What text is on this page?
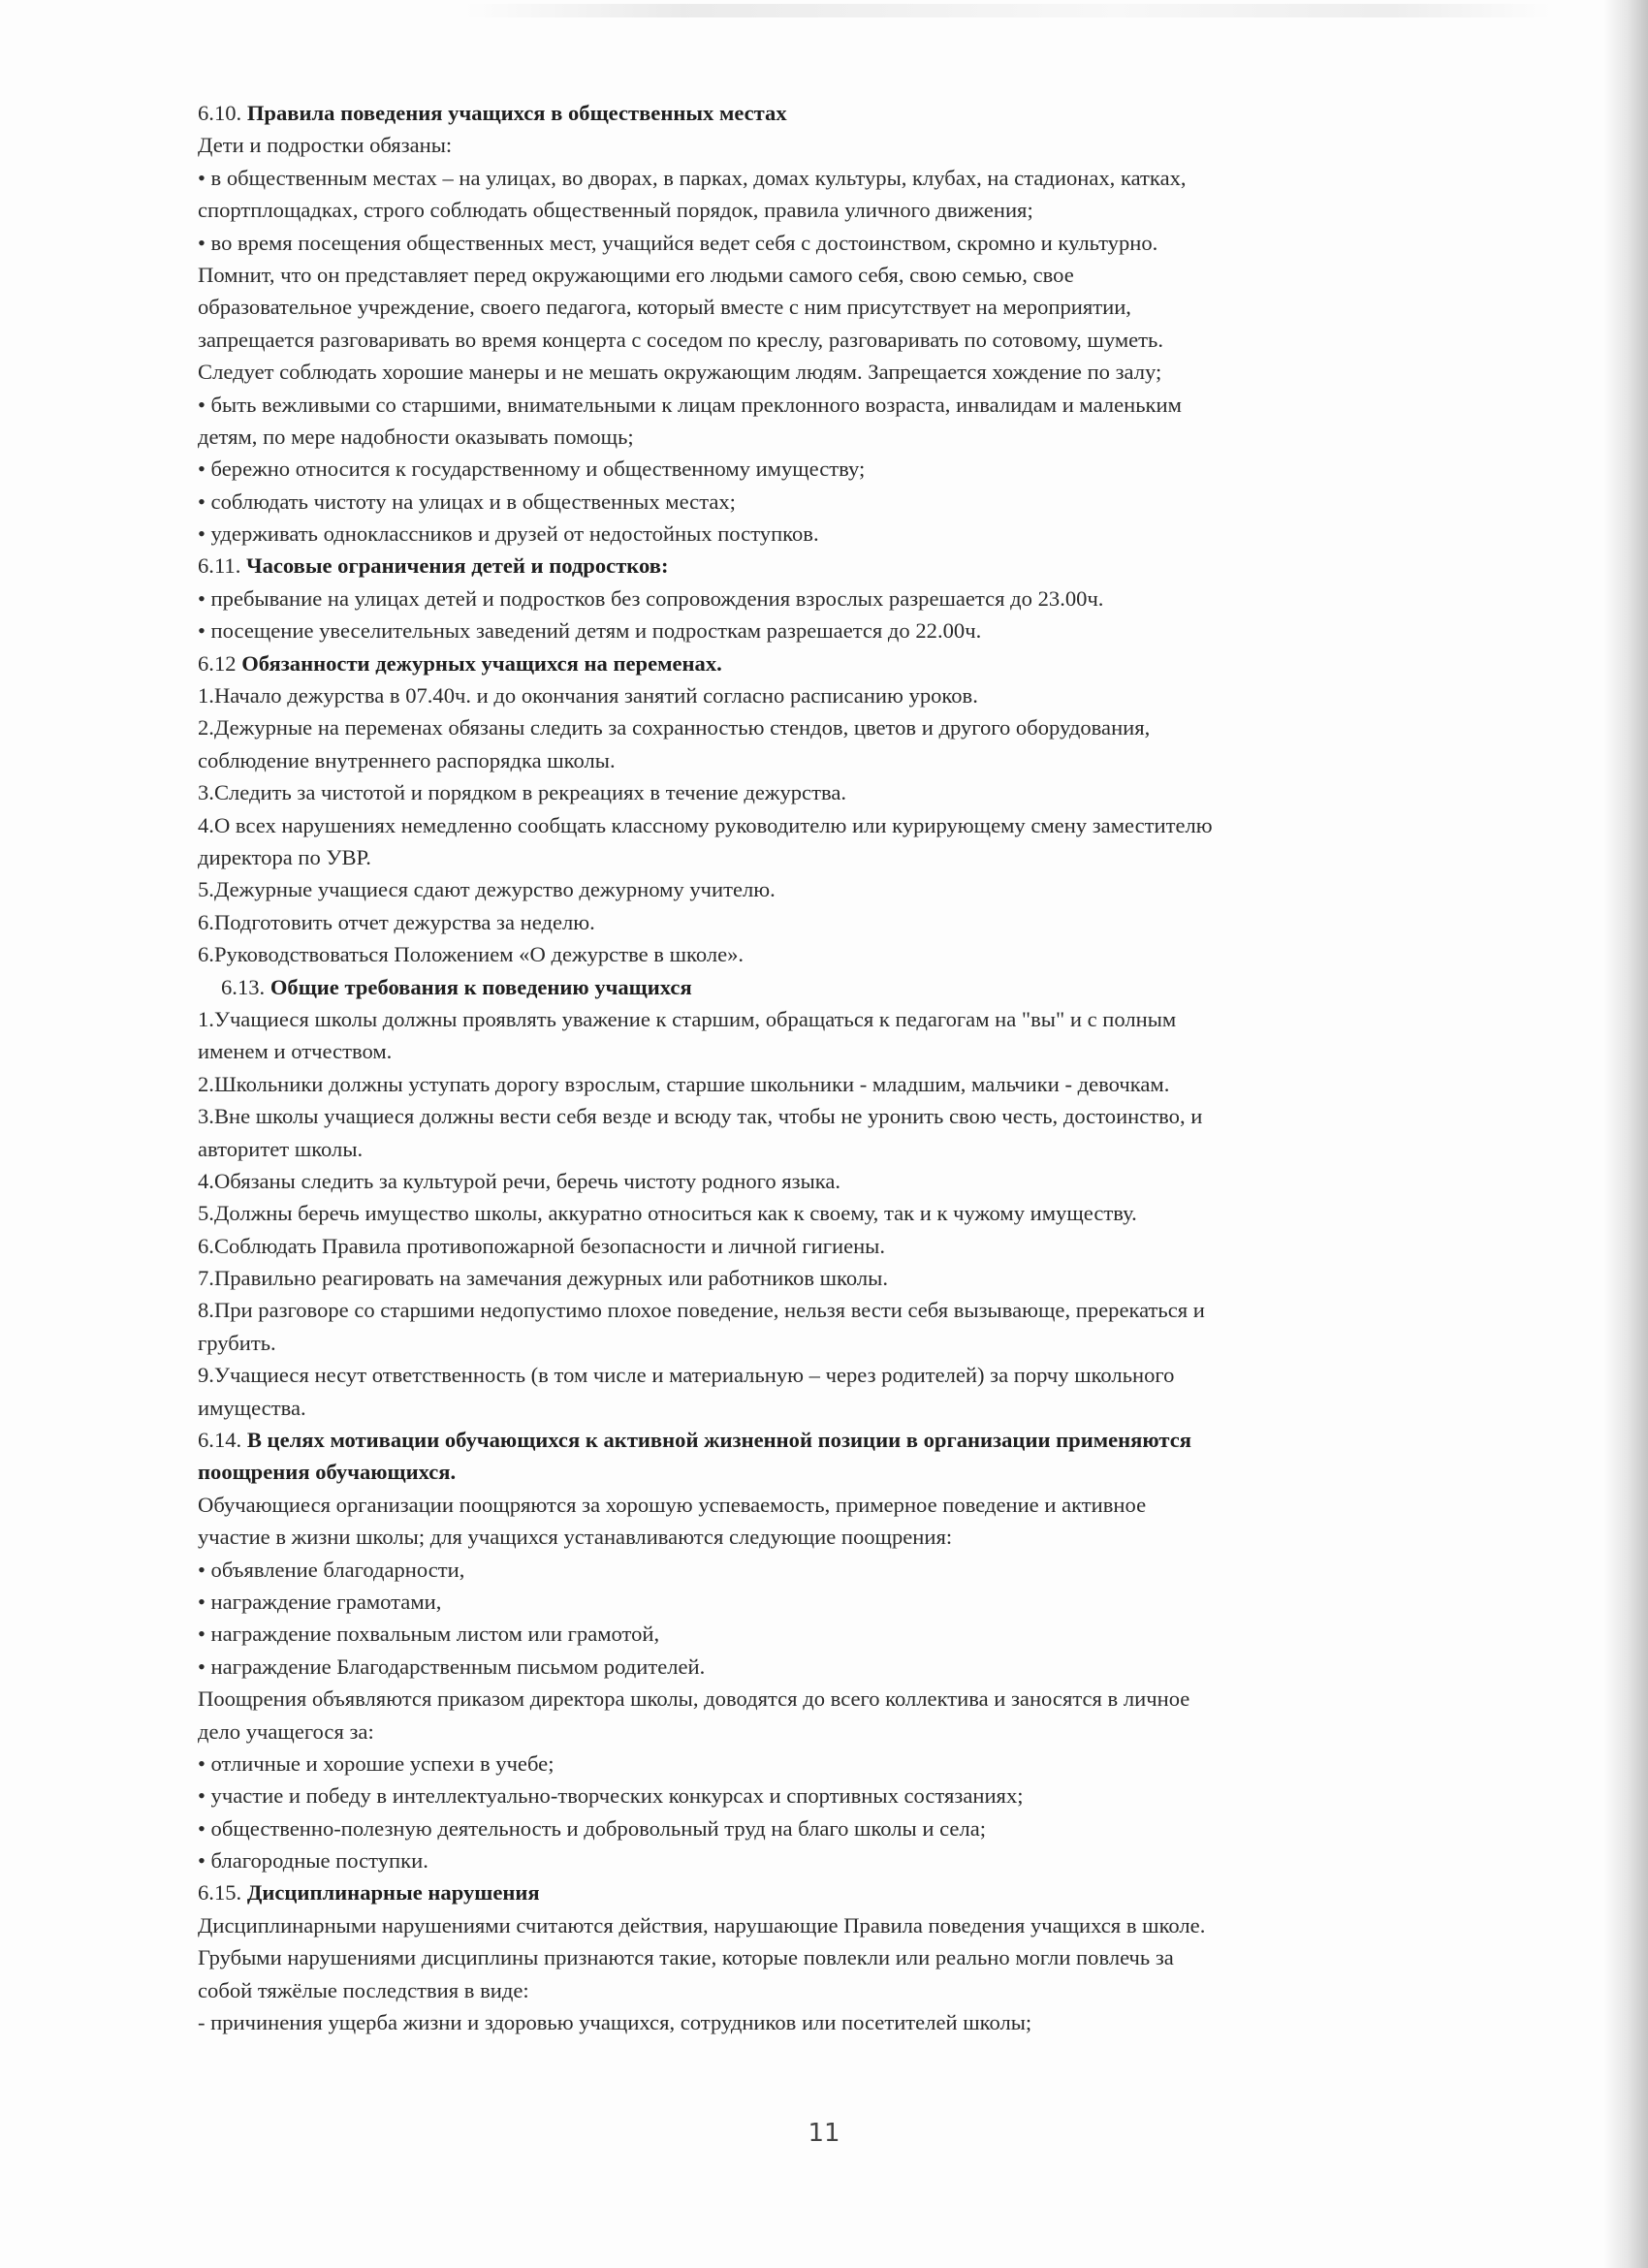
6.10. Правила поведения учащихся в общественных местах
Дети и подростки обязаны:
• в общественным местах – на улицах, во дворах, в парках, домах культуры, клубах, на стадионах, катках,
спортплощадках, строго соблюдать общественный порядок, правила уличного движения;
• во время посещения общественных мест, учащийся ведет себя с достоинством, скромно и культурно.
Помнит, что он представляет перед окружающими его людьми самого себя, свою семью, свое
образовательное учреждение, своего педагога, который вместе с ним присутствует на мероприятии,
запрещается разговаривать во время концерта с соседом по креслу, разговаривать по сотовому, шуметь.
Следует соблюдать хорошие манеры и не мешать окружающим людям. Запрещается хождение по залу;
• быть вежливыми со старшими, внимательными к лицам преклонного возраста, инвалидам и маленьким
детям, по мере надобности оказывать помощь;
• бережно относится к государственному и общественному имуществу;
• соблюдать чистоту на улицах и в общественных местах;
• удерживать одноклассников и друзей от недостойных поступков.
6.11. Часовые ограничения детей и подростков:
• пребывание на улицах детей и подростков без сопровождения взрослых разрешается до 23.00ч.
• посещение увеселительных заведений детям и подросткам разрешается до 22.00ч.
6.12 Обязанности дежурных учащихся на переменах.
1.Начало дежурства в 07.40ч. и до окончания занятий согласно расписанию уроков.
2.Дежурные на переменах обязаны следить за сохранностью стендов, цветов и другого оборудования,
соблюдение внутреннего распорядка школы.
3.Следить за чистотой и порядком в рекреациях в течение дежурства.
4.О всех нарушениях немедленно сообщать классному руководителю или курирующему смену заместителю
директора по УВР.
5.Дежурные учащиеся сдают дежурство дежурному учителю.
6.Подготовить отчет дежурства за неделю.
6.Руководствоваться Положением «О дежурстве в школе».
6.13. Общие требования к поведению учащихся
1.Учащиеся школы должны проявлять уважение к старшим, обращаться к педагогам на "вы" и с полным
именем и отчеством.
2.Школьники должны уступать дорогу взрослым, старшие школьники - младшим, мальчики - девочкам.
3.Вне школы учащиеся должны вести себя везде и всюду так, чтобы не уронить свою честь, достоинство, и
авторитет школы.
4.Обязаны следить за культурой речи, беречь чистоту родного языка.
5.Должны беречь имущество школы, аккуратно относиться как к своему, так и к чужому имуществу.
6.Соблюдать Правила противопожарной безопасности и личной гигиены.
7.Правильно реагировать на замечания дежурных или работников школы.
8.При разговоре со старшими недопустимо плохое поведение, нельзя вести себя вызывающе, пререкаться и
грубить.
9.Учащиеся несут ответственность (в том числе и материальную – через родителей) за порчу школьного
имущества.
6.14. В целях мотивации обучающихся к активной жизненной позиции в организации применяются
поощрения обучающихся.
Обучающиеся организации поощряются за хорошую успеваемость, примерное поведение и активное
участие в жизни школы; для учащихся устанавливаются следующие поощрения:
• объявление благодарности,
• награждение грамотами,
• награждение похвальным листом или грамотой,
• награждение Благодарственным письмом родителей.
Поощрения объявляются приказом директора школы, доводятся до всего коллектива и заносятся в личное
дело учащегося за:
• отличные и хорошие успехи в учебе;
• участие и победу в интеллектуально-творческих конкурсах и спортивных состязаниях;
• общественно-полезную деятельность и добровольный труд на благо школы и села;
• благородные поступки.
6.15. Дисциплинарные нарушения
Дисциплинарными нарушениями считаются действия, нарушающие Правила поведения учащихся в школе.
Грубыми нарушениями дисциплины признаются такие, которые повлекли или реально могли повлечь за
собой тяжёлые последствия в виде:
- причинения ущерба жизни и здоровью учащихся, сотрудников или посетителей школы;
11
